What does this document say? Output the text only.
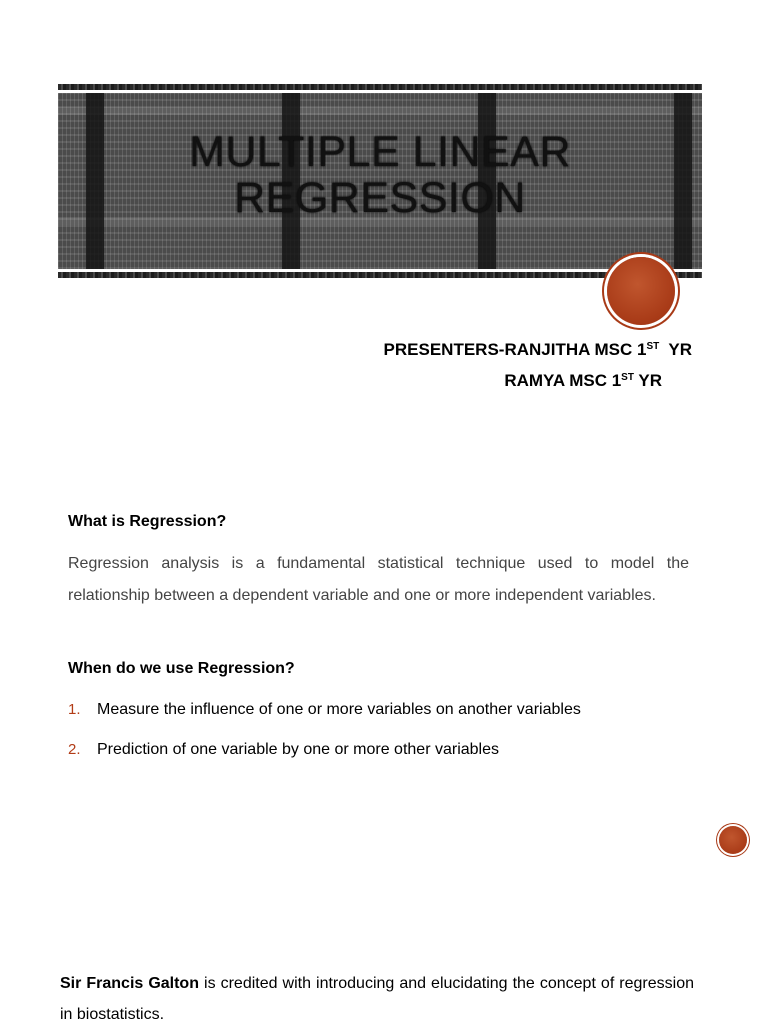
MULTIPLE LINEAR REGRESSION
PRESENTERS-RANJITHA MSC 1ST YR
RAMYA MSC 1ST YR
What is Regression?
Regression analysis is a fundamental statistical technique used to model the relationship between a dependent variable and one or more independent variables.
When do we use Regression?
1. Measure the influence of one or more variables on another variables
2. Prediction of one variable by one or more other variables
Sir Francis Galton is credited with introducing and elucidating the concept of regression in biostatistics.
